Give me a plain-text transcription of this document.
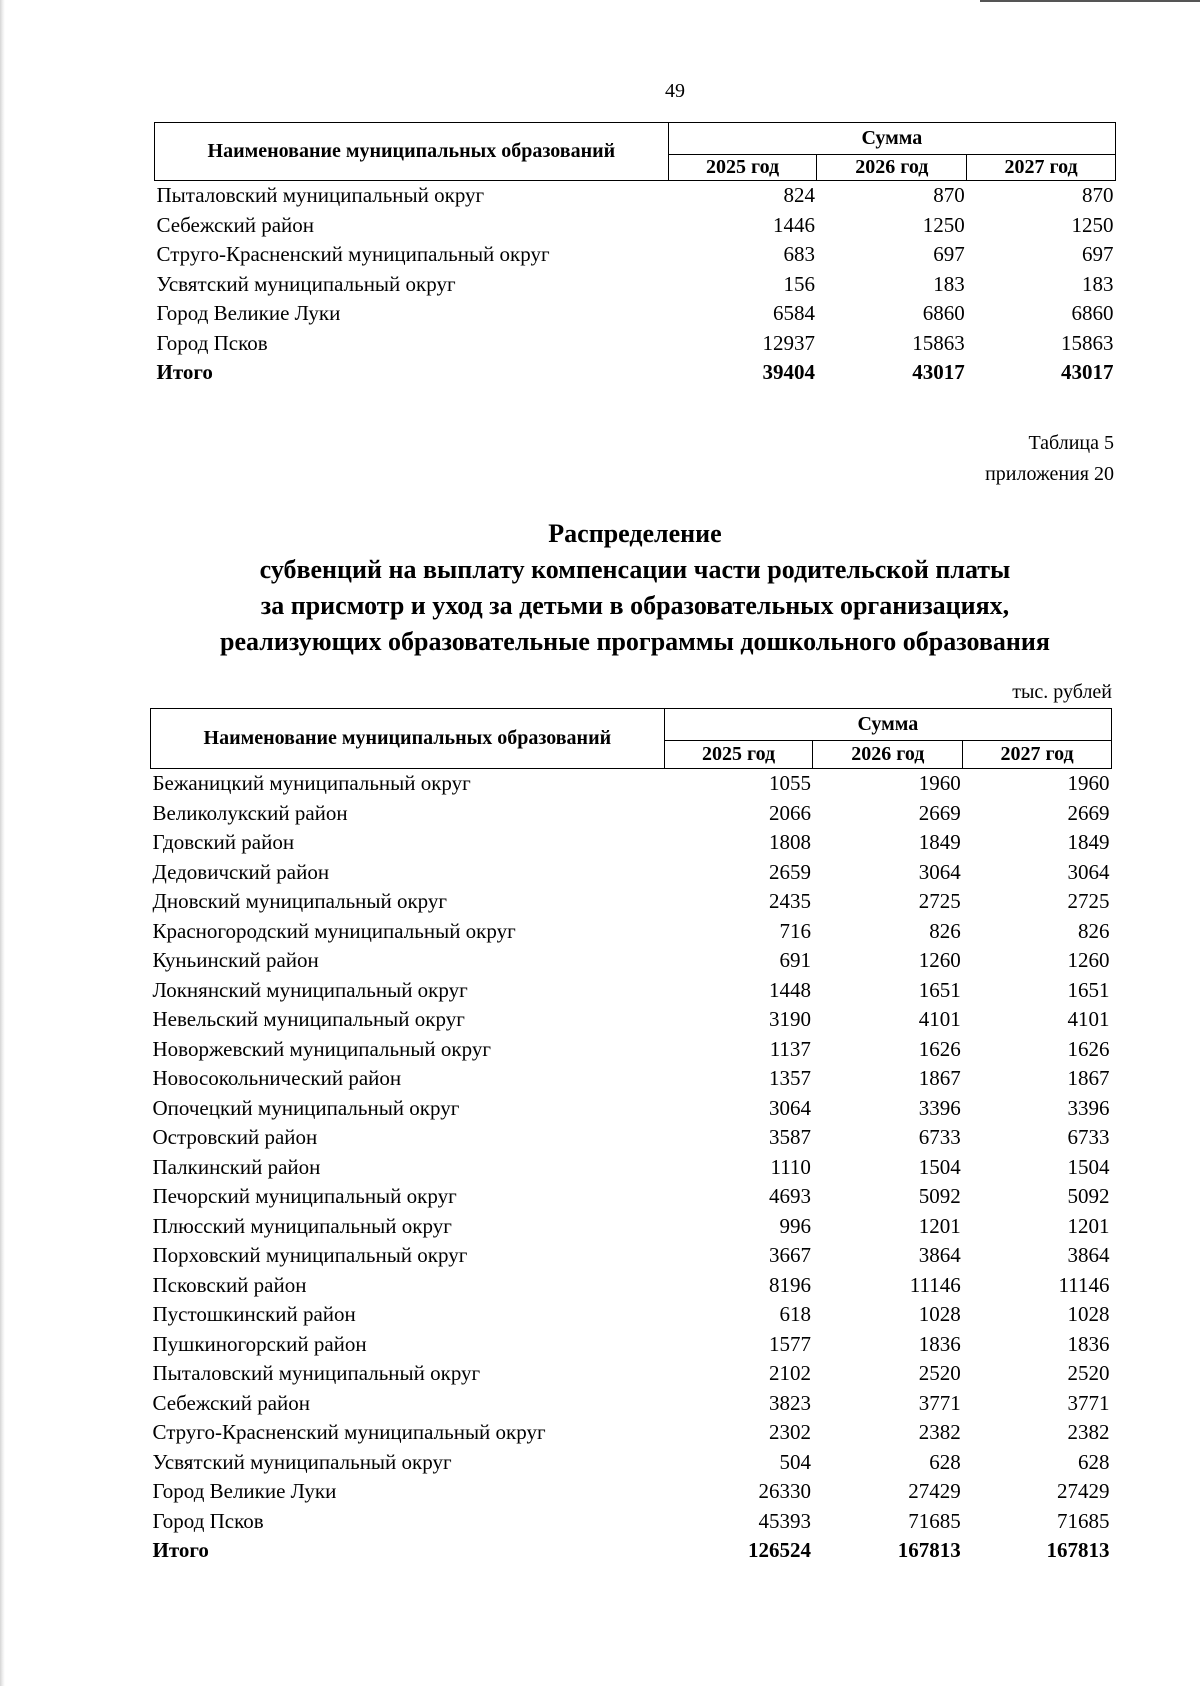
49
Наименование муниципальных образований	Сумма		
	2025 год	2026 год	2027 год
Пыталовский муниципальный округ	824	870	870
Себежский район	1446	1250	1250
Струго-Красненский муниципальный округ	683	697	697
Усвятский муниципальный округ	156	183	183
Город Великие Луки	6584	6860	6860
Город Псков	12937	15863	15863
Итого	39404	43017	43017
Таблица 5
приложения 20
Распределение
субвенций на выплату компенсации части родительской платы
за присмотр и уход за детьми в образовательных организациях,
реализующих образовательные программы дошкольного образования
тыс. рублей
Наименование муниципальных образований	Сумма		
	2025 год	2026 год	2027 год
Бежаницкий муниципальный округ	1055	1960	1960
Великолукский район	2066	2669	2669
Гдовский район	1808	1849	1849
Дедовичский район	2659	3064	3064
Дновский муниципальный округ	2435	2725	2725
Красногородский муниципальный округ	716	826	826
Куньинский район	691	1260	1260
Локнянский муниципальный округ	1448	1651	1651
Невельский муниципальный округ	3190	4101	4101
Новоржевский муниципальный округ	1137	1626	1626
Новосокольнический район	1357	1867	1867
Опочецкий муниципальный округ	3064	3396	3396
Островский район	3587	6733	6733
Палкинский район	1110	1504	1504
Печорский муниципальный округ	4693	5092	5092
Плюсский муниципальный округ	996	1201	1201
Порховский муниципальный округ	3667	3864	3864
Псковский район	8196	11146	11146
Пустошкинский район	618	1028	1028
Пушкиногорский район	1577	1836	1836
Пыталовский муниципальный округ	2102	2520	2520
Себежский район	3823	3771	3771
Струго-Красненский муниципальный округ	2302	2382	2382
Усвятский муниципальный округ	504	628	628
Город Великие Луки	26330	27429	27429
Город Псков	45393	71685	71685
Итого	126524	167813	167813
